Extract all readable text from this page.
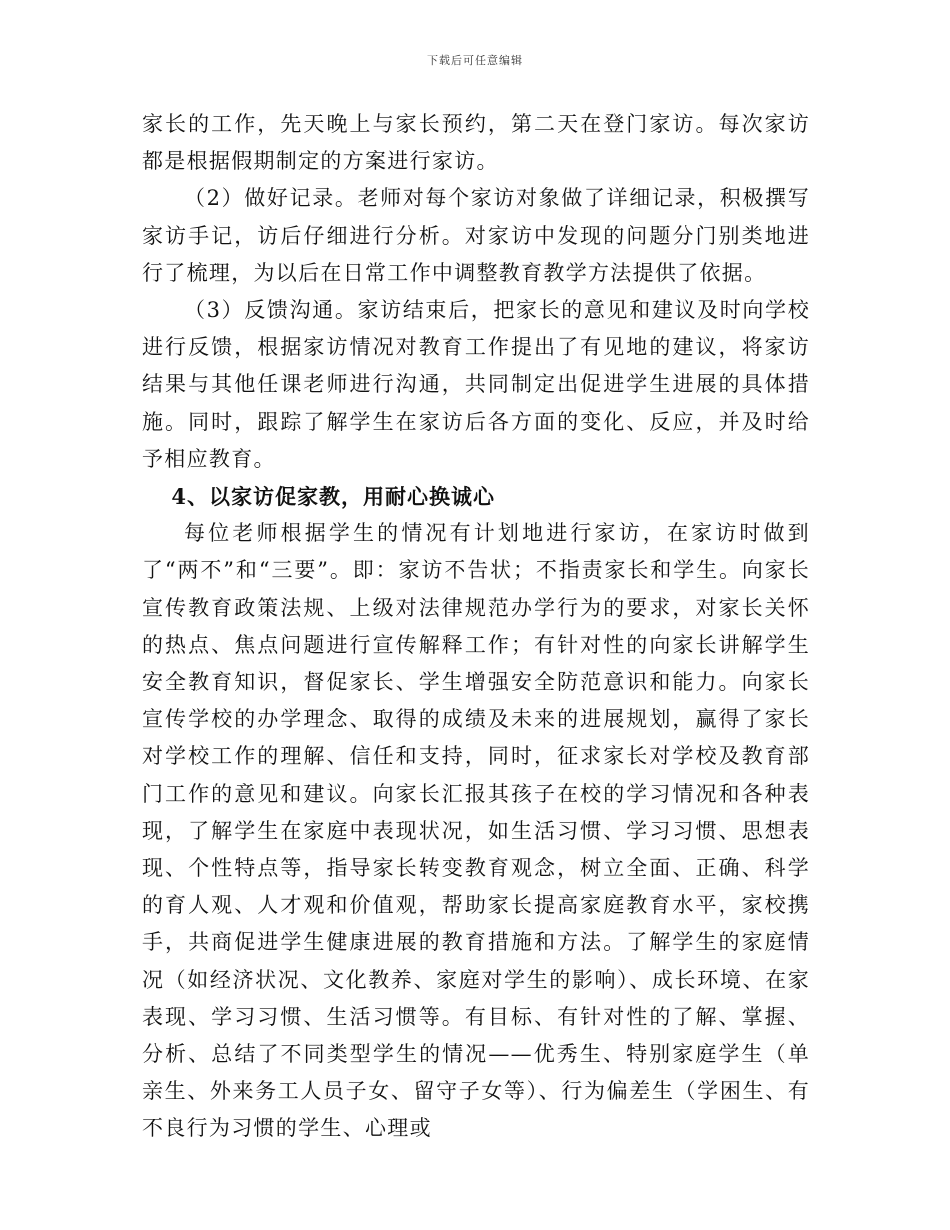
下载后可任意编辑

家长的工作，先天晚上与家长预约，第二天在登门家访。每次家访都是根据假期制定的方案进行家访。

（2）做好记录。老师对每个家访对象做了详细记录，积极撰写家访手记，访后仔细进行分析。对家访中发现的问题分门别类地进行了梳理，为以后在日常工作中调整教育教学方法提供了依据。

（3）反馈沟通。家访结束后，把家长的意见和建议及时向学校进行反馈，根据家访情况对教育工作提出了有见地的建议，将家访结果与其他任课老师进行沟通，共同制定出促进学生进展的具体措施。同时，跟踪了解学生在家访后各方面的变化、反应，并及时给予相应教育。

4、以家访促家教，用耐心换诚心

每位老师根据学生的情况有计划地进行家访，在家访时做到了“两不”和“三要”。即：家访不告状；不指责家长和学生。向家长宣传教育政策法规、上级对法律规范办学行为的要求，对家长关怀的热点、焦点问题进行宣传解释工作；有针对性的向家长讲解学生安全教育知识，督促家长、学生增强安全防范意识和能力。向家长宣传学校的办学理念、取得的成绩及未来的进展规划，赢得了家长对学校工作的理解、信任和支持，同时，征求家长对学校及教育部门工作的意见和建议。向家长汇报其孩子在校的学习情况和各种表现，了解学生在家庭中表现状况，如生活习惯、学习习惯、思想表现、个性特点等，指导家长转变教育观念，树立全面、正确、科学的育人观、人才观和价值观，帮助家长提高家庭教育水平，家校携手，共商促进学生健康进展的教育措施和方法。了解学生的家庭情况（如经济状况、文化教养、家庭对学生的影响）、成长环境、在家表现、学习习惯、生活习惯等。有目标、有针对性的了解、掌握、分析、总结了不同类型学生的情况——优秀生、特别家庭学生（单亲生、外来务工人员子女、留守子女等）、行为偏差生（学困生、有不良行为习惯的学生、心理或
